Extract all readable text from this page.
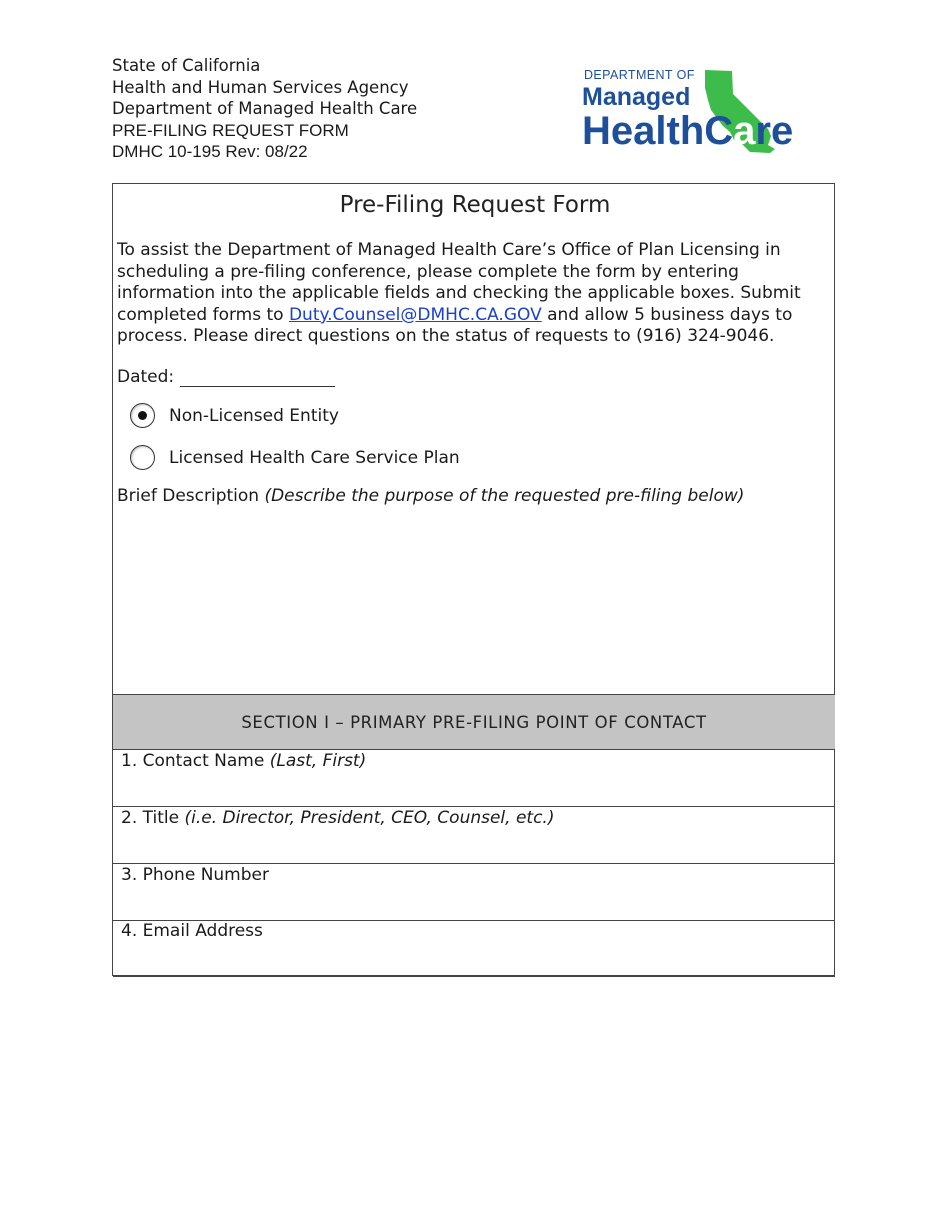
State of California
Health and Human Services Agency
Department of Managed Health Care
PRE-FILING REQUEST FORM
DMHC 10-195 Rev: 08/22
DEPARTMENT OF
Managed
HealthCare
Pre-Filing Request Form
To assist the Department of Managed Health Care’s Office of Plan Licensing in scheduling a pre-filing conference, please complete the form by entering information into the applicable fields and checking the applicable boxes. Submit completed forms to Duty.Counsel@DMHC.CA.GOV and allow 5 business days to process. Please direct questions on the status of requests to (916) 324-9046.
Dated:
Non-Licensed Entity
Licensed Health Care Service Plan
Brief Description (Describe the purpose of the requested pre-filing below)
SECTION I – PRIMARY PRE-FILING POINT OF CONTACT
1. Contact Name (Last, First)
2. Title (i.e. Director, President, CEO, Counsel, etc.)
3. Phone Number
4. Email Address
